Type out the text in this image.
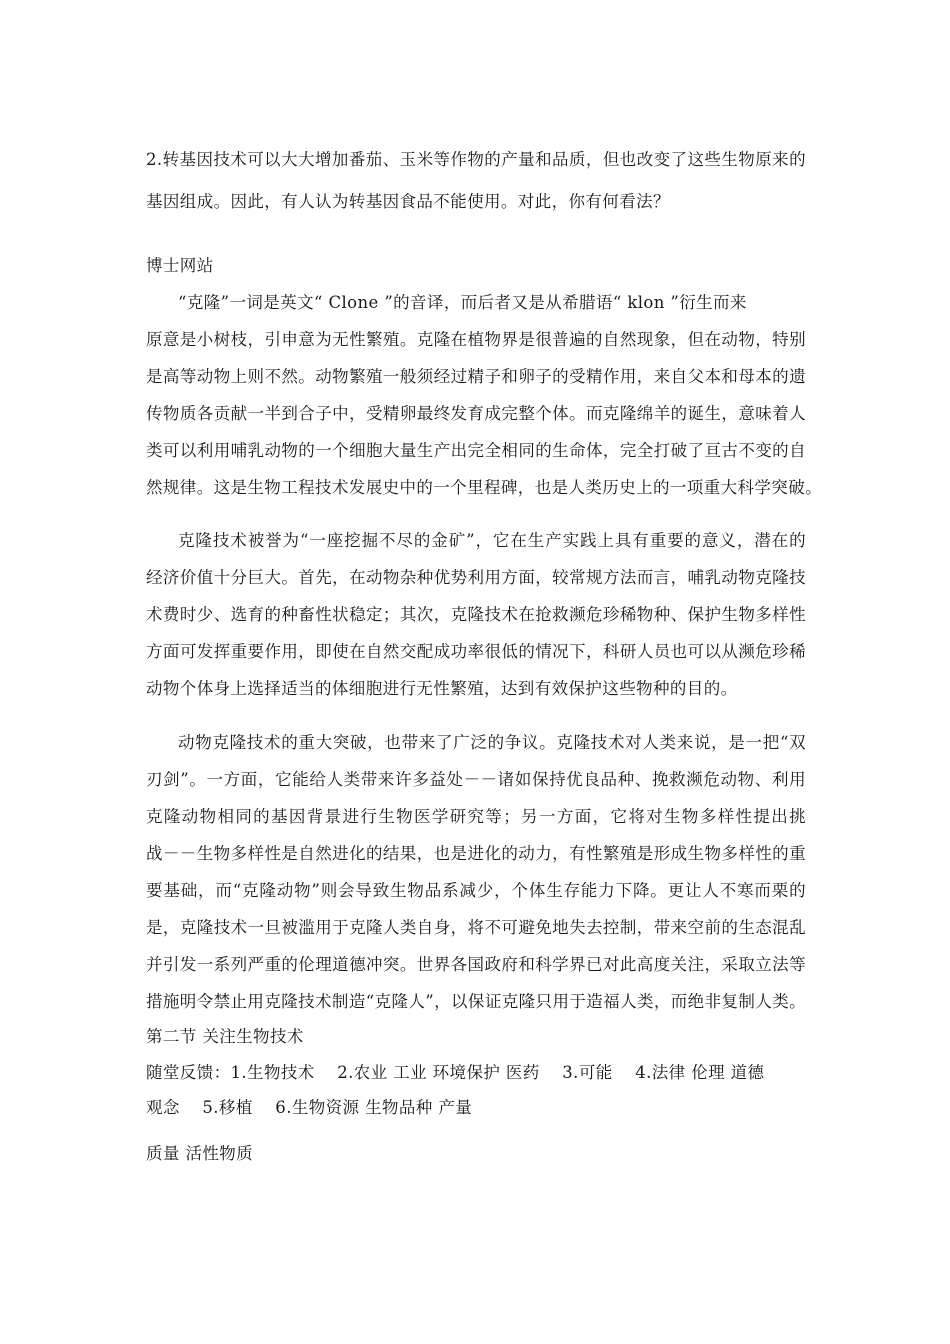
2.转基因技术可以大大增加番茄、玉米等作物的产量和品质，但也改变了这些生物原来的
基因组成。因此，有人认为转基因食品不能使用。对此，你有何看法？
博士网站
“克隆”一词是英文“ Clone ”的音译，而后者又是从希腊语“ klon ”衍生而来
原意是小树枝，引申意为无性繁殖。克隆在植物界是很普遍的自然现象，但在动物，特别
是高等动物上则不然。动物繁殖一般须经过精子和卵子的受精作用，来自父本和母本的遗
传物质各贡献一半到合子中，受精卵最终发育成完整个体。而克隆绵羊的诞生，意味着人
类可以利用哺乳动物的一个细胞大量生产出完全相同的生命体，完全打破了亘古不变的自
然规律。这是生物工程技术发展史中的一个里程碑，也是人类历史上的一项重大科学突破。
克隆技术被誉为“一座挖掘不尽的金矿”，它在生产实践上具有重要的意义，潜在的
经济价值十分巨大。首先，在动物杂种优势利用方面，较常规方法而言，哺乳动物克隆技
术费时少、选育的种畜性状稳定；其次，克隆技术在抢救濒危珍稀物种、保护生物多样性
方面可发挥重要作用，即使在自然交配成功率很低的情况下，科研人员也可以从濒危珍稀
动物个体身上选择适当的体细胞进行无性繁殖，达到有效保护这些物种的目的。
动物克隆技术的重大突破，也带来了广泛的争议。克隆技术对人类来说，是一把“双
刃剑”。一方面，它能给人类带来许多益处－－诸如保持优良品种、挽救濒危动物、利用
克隆动物相同的基因背景进行生物医学研究等；另一方面，它将对生物多样性提出挑
战－－生物多样性是自然进化的结果，也是进化的动力，有性繁殖是形成生物多样性的重
要基础，而“克隆动物”则会导致生物品系减少，个体生存能力下降。更让人不寒而栗的
是，克隆技术一旦被滥用于克隆人类自身，将不可避免地失去控制，带来空前的生态混乱
并引发一系列严重的伦理道德冲突。世界各国政府和科学界已对此高度关注，采取立法等
措施明令禁止用克隆技术制造“克隆人”，以保证克隆只用于造福人类，而绝非复制人类。
第二节 关注生物技术
随堂反馈：1.生物技术    2.农业 工业 环境保护 医药    3.可能    4.法律 伦理 道德
观念    5.移植    6.生物资源 生物品种 产量
质量 活性物质
